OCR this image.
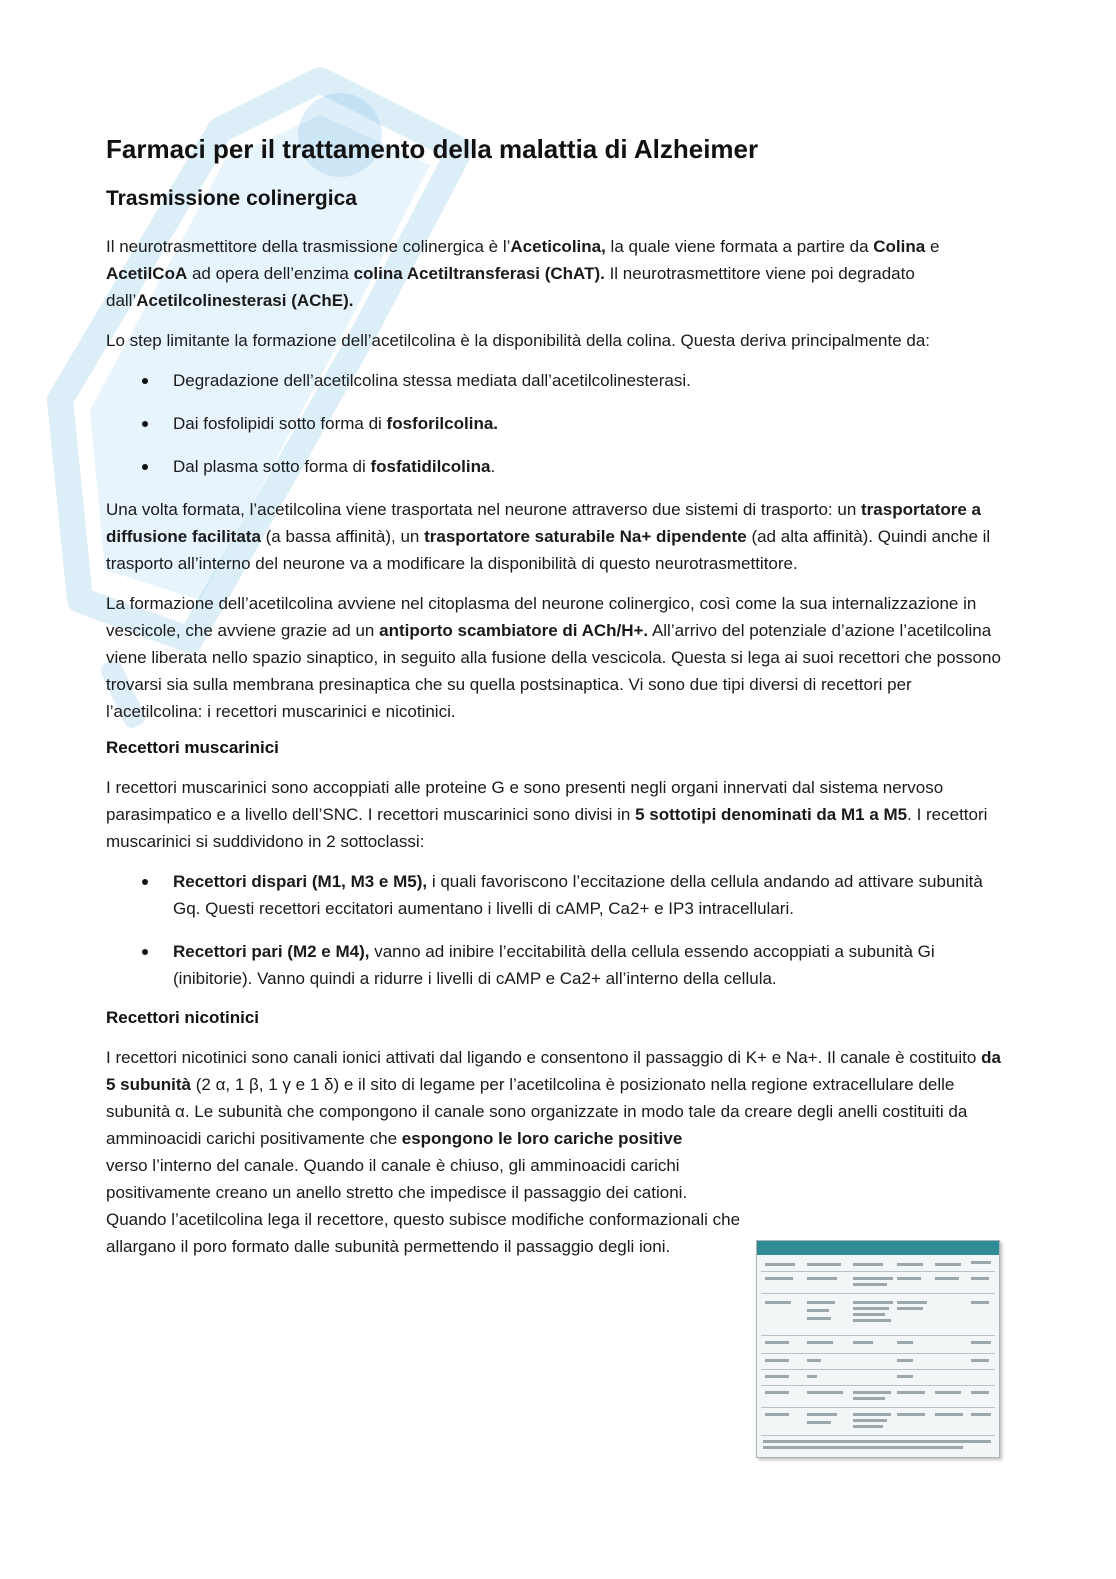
Farmaci per il trattamento della malattia di Alzheimer
Trasmissione colinergica

Il neurotrasmettitore della trasmissione colinergica è l’Aceticolina, la quale viene formata a partire da Colina e AcetilCoA ad opera dell’enzima colina Acetiltransferasi (ChAT). Il neurotrasmettitore viene poi degradato dall’Acetilcolinesterasi (AChE).

Lo step limitante la formazione dell’acetilcolina è la disponibilità della colina. Questa deriva principalmente da:

Degradazione dell’acetilcolina stessa mediata dall’acetilcolinesterasi.
Dai fosfolipidi sotto forma di fosforilcolina.
Dal plasma sotto forma di fosfatidilcolina.

Una volta formata, l’acetilcolina viene trasportata nel neurone attraverso due sistemi di trasporto: un trasportatore a diffusione facilitata (a bassa affinità), un trasportatore saturabile Na+ dipendente (ad alta affinità). Quindi anche il trasporto all’interno del neurone va a modificare la disponibilità di questo neurotrasmettitore.

La formazione dell’acetilcolina avviene nel citoplasma del neurone colinergico, così come la sua internalizzazione in vescicole, che avviene grazie ad un antiporto scambiatore di ACh/H+. All’arrivo del potenziale d’azione l’acetilcolina viene liberata nello spazio sinaptico, in seguito alla fusione della vescicola. Questa si lega ai suoi recettori che possono trovarsi sia sulla membrana presinaptica che su quella postsinaptica. Vi sono due tipi diversi di recettori per l’acetilcolina: i recettori muscarinici e nicotinici.

Recettori muscarinici

I recettori muscarinici sono accoppiati alle proteine G e sono presenti negli organi innervati dal sistema nervoso parasimpatico e a livello dell’SNC. I recettori muscarinici sono divisi in 5 sottotipi denominati da M1 a M5. I recettori muscarinici si suddividono in 2 sottoclassi:

Recettori dispari (M1, M3 e M5), i quali favoriscono l’eccitazione della cellula andando ad attivare subunità Gq. Questi recettori eccitatori aumentano i livelli di cAMP, Ca2+ e IP3 intracellulari.
Recettori pari (M2 e M4), vanno ad inibire l’eccitabilità della cellula essendo accoppiati a subunità Gi (inibitorie). Vanno quindi a ridurre i livelli di cAMP e Ca2+ all’interno della cellula.
Recettori nicotinici

I recettori nicotinici sono canali ionici attivati dal ligando e consentono il passaggio di K+ e Na+. Il canale è costituito da 5 subunità (2 α, 1 β, 1 γ e 1 δ) e il sito di legame per l’acetilcolina è posizionato nella regione extracellulare delle subunità α. Le subunità che compongono il canale sono organizzate in modo tale da creare degli anelli costituiti da amminoacidi carichi positivamente che espongono le loro cariche positive

verso l’interno del canale. Quando il canale è chiuso, gli amminoacidi carichi positivamente creano un anello stretto che impedisce il passaggio dei cationi. Quando l’acetilcolina lega il recettore, questo subisce modifiche conformazionali che allargano il poro formato dalle subunità permettendo il passaggio degli ioni.
